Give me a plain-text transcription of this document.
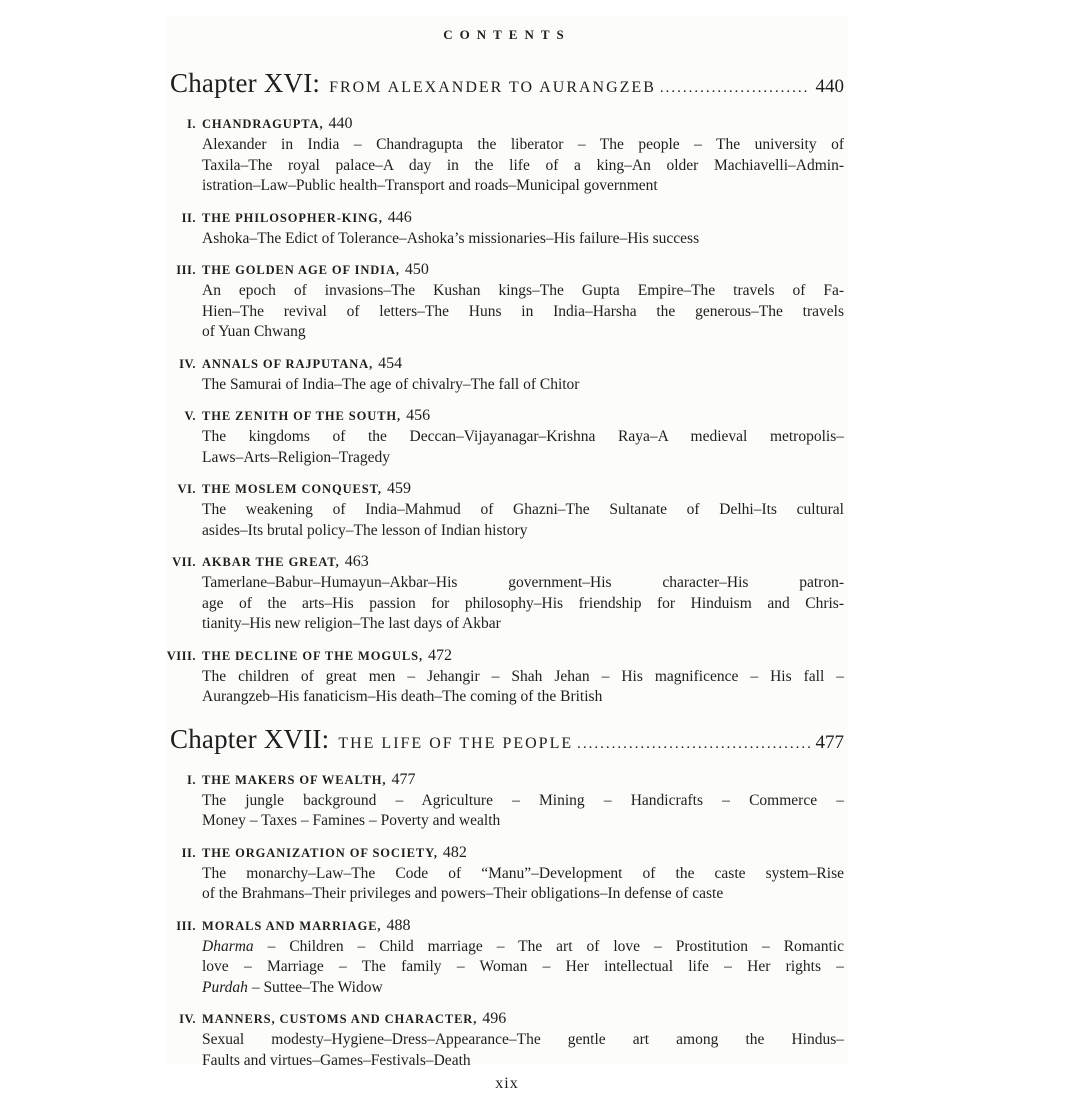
CONTENTS
Chapter XVI: FROM ALEXANDER TO AURANGZEB .....	440
I. CHANDRAGUPTA, 440
Alexander in India – Chandragupta the liberator – The people – The university of
Taxila–The royal palace–A day in the life of a king–An older Machiavelli–Admin-
istration–Law–Public health–Transport and roads–Municipal government
II. THE PHILOSOPHER-KING, 446
Ashoka–The Edict of Tolerance–Ashoka’s missionaries–His failure–His success
III. THE GOLDEN AGE OF INDIA, 450
An epoch of invasions–The Kushan kings–The Gupta Empire–The travels of Fa-
Hien–The revival of letters–The Huns in India–Harsha the generous–The travels
of Yuan Chwang
IV. ANNALS OF RAJPUTANA, 454
The Samurai of India–The age of chivalry–The fall of Chitor
V. THE ZENITH OF THE SOUTH, 456
The kingdoms of the Deccan–Vijayanagar–Krishna Raya–A medieval metropolis–
Laws–Arts–Religion–Tragedy
VI. THE MOSLEM CONQUEST, 459
The weakening of India–Mahmud of Ghazni–The Sultanate of Delhi–Its cultural
asides–Its brutal policy–The lesson of Indian history
VII. AKBAR THE GREAT, 463
Tamerlane–Babur–Humayun–Akbar–His government–His character–His patron-
age of the arts–His passion for philosophy–His friendship for Hinduism and Chris-
tianity–His new religion–The last days of Akbar
VIII. THE DECLINE OF THE MOGULS, 472
The children of great men – Jehangir – Shah Jehan – His magnificence – His fall –
Aurangzeb–His fanaticism–His death–The coming of the British
Chapter XVII: THE LIFE OF THE PEOPLE .....	477
I. THE MAKERS OF WEALTH, 477
The jungle background – Agriculture – Mining – Handicrafts – Commerce –
Money – Taxes – Famines – Poverty and wealth
II. THE ORGANIZATION OF SOCIETY, 482
The monarchy–Law–The Code of “Manu”–Development of the caste system–Rise
of the Brahmans–Their privileges and powers–Their obligations–In defense of caste
III. MORALS AND MARRIAGE, 488
Dharma – Children – Child marriage – The art of love – Prostitution – Romantic
love – Marriage – The family – Woman – Her intellectual life – Her rights –
Purdah – Suttee–The Widow
IV. MANNERS, CUSTOMS AND CHARACTER, 496
Sexual modesty–Hygiene–Dress–Appearance–The gentle art among the Hindus–
Faults and virtues–Games–Festivals–Death
xix
